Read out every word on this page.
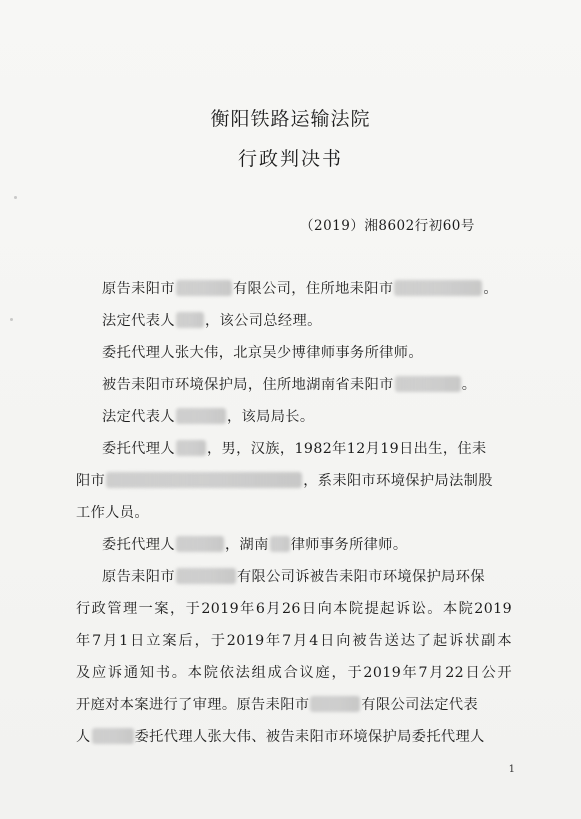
衡阳铁路运输法院
行政判决书
（2019）湘8602行初60号
原告耒阳市	有限公司，住所地耒阳市	。
法定代表人 ，该公司总经理。
委托代理人张大伟，北京吴少博律师事务所律师。
被告耒阳市环境保护局，住所地湖南省耒阳市	。
法定代表人	，该局局长。
委托代理人 ，男，汉族，1982年12月19日出生，住耒
阳市	，系耒阳市环境保护局法制股
工作人员。
委托代理人	，湖南 律师事务所律师。
原告耒阳市	有限公司诉被告耒阳市环境保护局环保
行政管理一案，于2019年6月26日向本院提起诉讼。本院2019
年7月1日立案后，于2019年7月4日向被告送达了起诉状副本
及应诉通知书。本院依法组成合议庭，于2019年7月22日公开
开庭对本案进行了审理。原告耒阳市	有限公司法定代表
人	委托代理人张大伟、被告耒阳市环境保护局委托代理人
1
